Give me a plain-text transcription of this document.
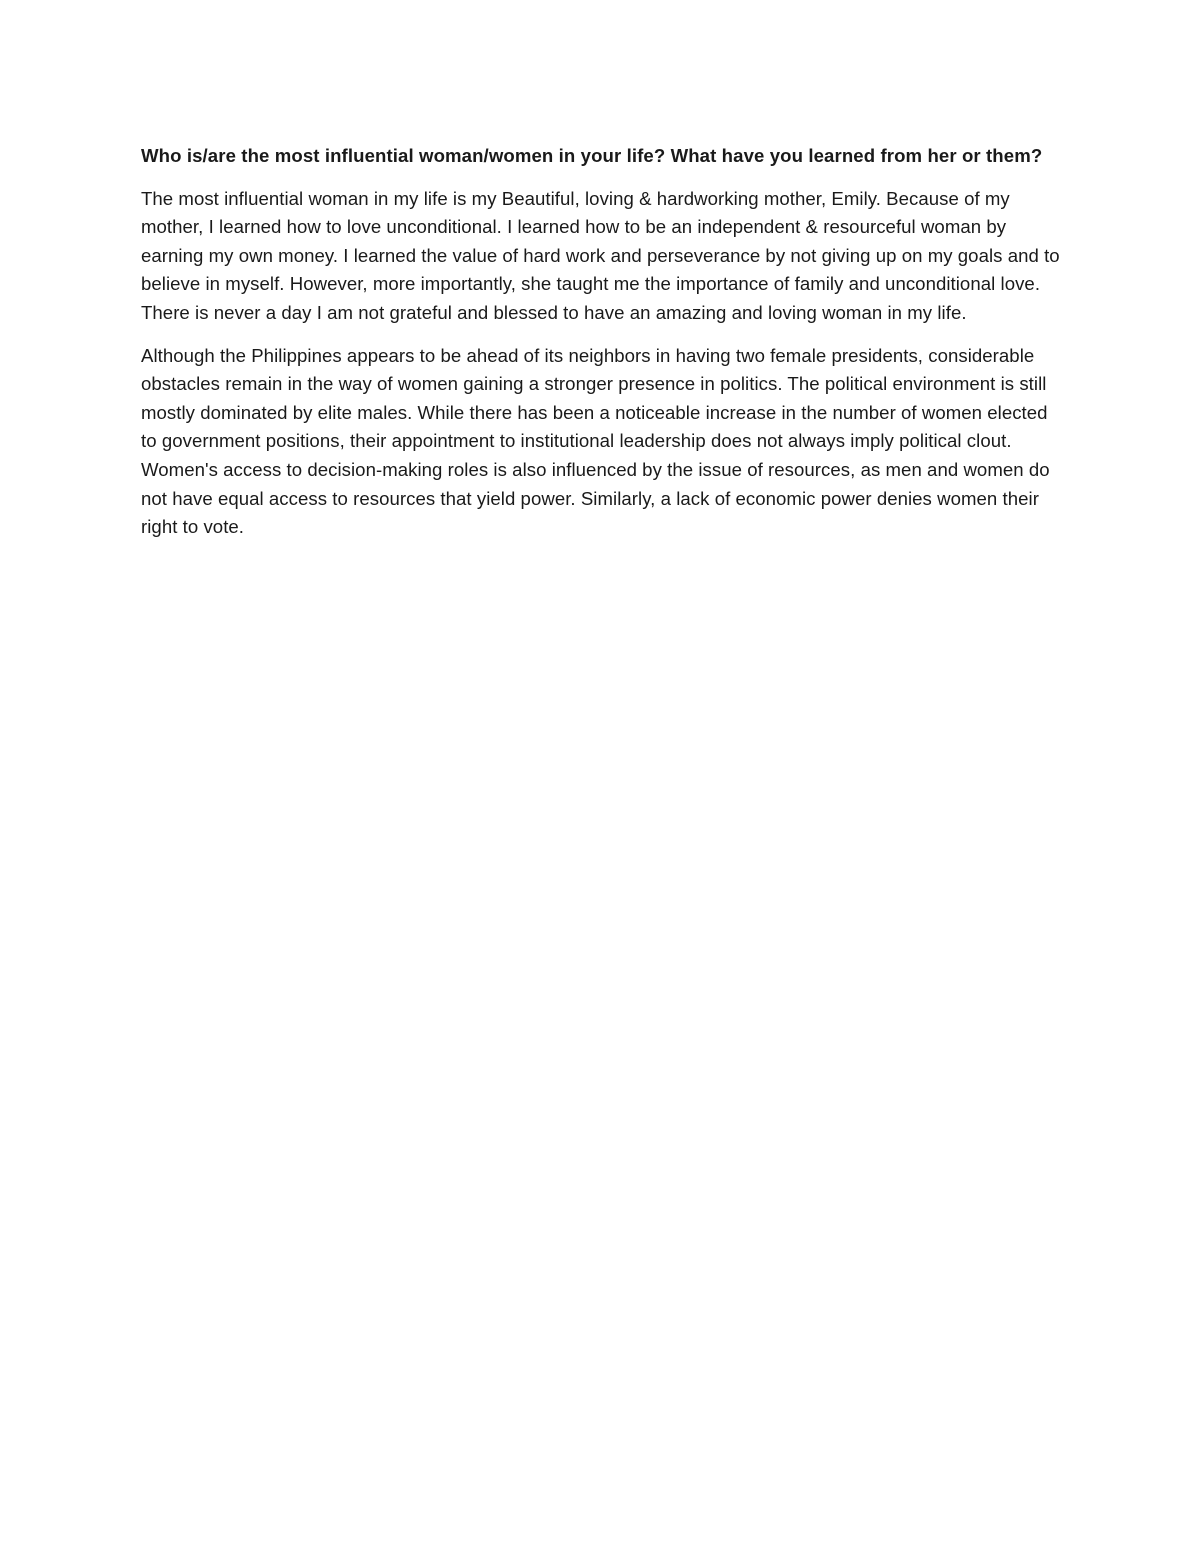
Who is/are the most influential woman/women in your life? What have you learned from her or them?

The most influential woman in my life is my Beautiful, loving & hardworking mother, Emily. Because of my mother, I learned how to love unconditional. I learned how to be an independent & resourceful woman by earning my own money. I learned the value of hard work and perseverance by not giving up on my goals and to believe in myself. However, more importantly, she taught me the importance of family and unconditional love. There is never a day I am not grateful and blessed to have an amazing and loving woman in my life.

Although the Philippines appears to be ahead of its neighbors in having two female presidents, considerable obstacles remain in the way of women gaining a stronger presence in politics. The political environment is still mostly dominated by elite males. While there has been a noticeable increase in the number of women elected to government positions, their appointment to institutional leadership does not always imply political clout. Women's access to decision-making roles is also influenced by the issue of resources, as men and women do not have equal access to resources that yield power. Similarly, a lack of economic power denies women their right to vote.
